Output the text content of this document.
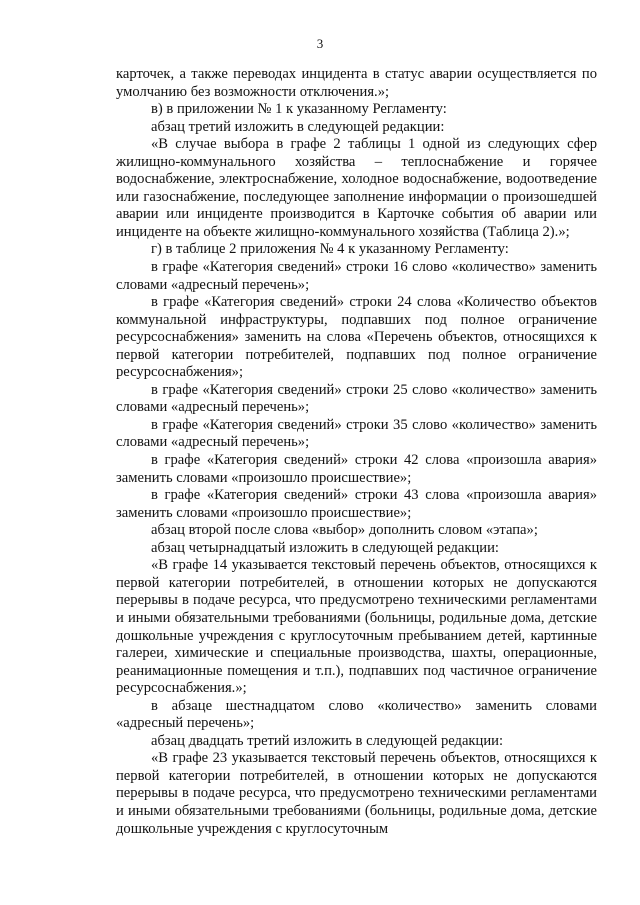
3

карточек, а также переводах инцидента в статус аварии осуществляется по умолчанию без возможности отключения.»;

в) в приложении № 1 к указанному Регламенту:

абзац третий изложить в следующей редакции:

«В случае выбора в графе 2 таблицы 1 одной из следующих сфер жилищно-коммунального хозяйства – теплоснабжение и горячее водоснабжение, электроснабжение, холодное водоснабжение, водоотведение или газоснабжение, последующее заполнение информации о произошедшей аварии или инциденте производится в Карточке события об аварии или инциденте на объекте жилищно-коммунального хозяйства (Таблица 2).»;

г) в таблице 2 приложения № 4 к указанному Регламенту:

в графе «Категория сведений» строки 16 слово «количество» заменить словами «адресный перечень»;

в графе «Категория сведений» строки 24 слова «Количество объектов коммунальной инфраструктуры, подпавших под полное ограничение ресурсоснабжения» заменить на слова «Перечень объектов, относящихся к первой категории потребителей, подпавших под полное ограничение ресурсоснабжения»;

в графе «Категория сведений» строки 25 слово «количество» заменить словами «адресный перечень»;

в графе «Категория сведений» строки 35 слово «количество» заменить словами «адресный перечень»;

в графе «Категория сведений» строки 42 слова «произошла авария» заменить словами «произошло происшествие»;

в графе «Категория сведений» строки 43 слова «произошла авария» заменить словами «произошло происшествие»;

абзац второй после слова «выбор» дополнить словом «этапа»;

абзац четырнадцатый изложить в следующей редакции:

«В графе 14 указывается текстовый перечень объектов, относящихся к первой категории потребителей, в отношении которых не допускаются перерывы в подаче ресурса, что предусмотрено техническими регламентами и иными обязательными требованиями (больницы, родильные дома, детские дошкольные учреждения с круглосуточным пребыванием детей, картинные галереи, химические и специальные производства, шахты, операционные, реанимационные помещения и т.п.), подпавших под частичное ограничение ресурсоснабжения.»;

в абзаце шестнадцатом слово «количество» заменить словами «адресный перечень»;

абзац двадцать третий изложить в следующей редакции:

«В графе 23 указывается текстовый перечень объектов, относящихся к первой категории потребителей, в отношении которых не допускаются перерывы в подаче ресурса, что предусмотрено техническими регламентами и иными обязательными требованиями (больницы, родильные дома, детские дошкольные учреждения с круглосуточным
